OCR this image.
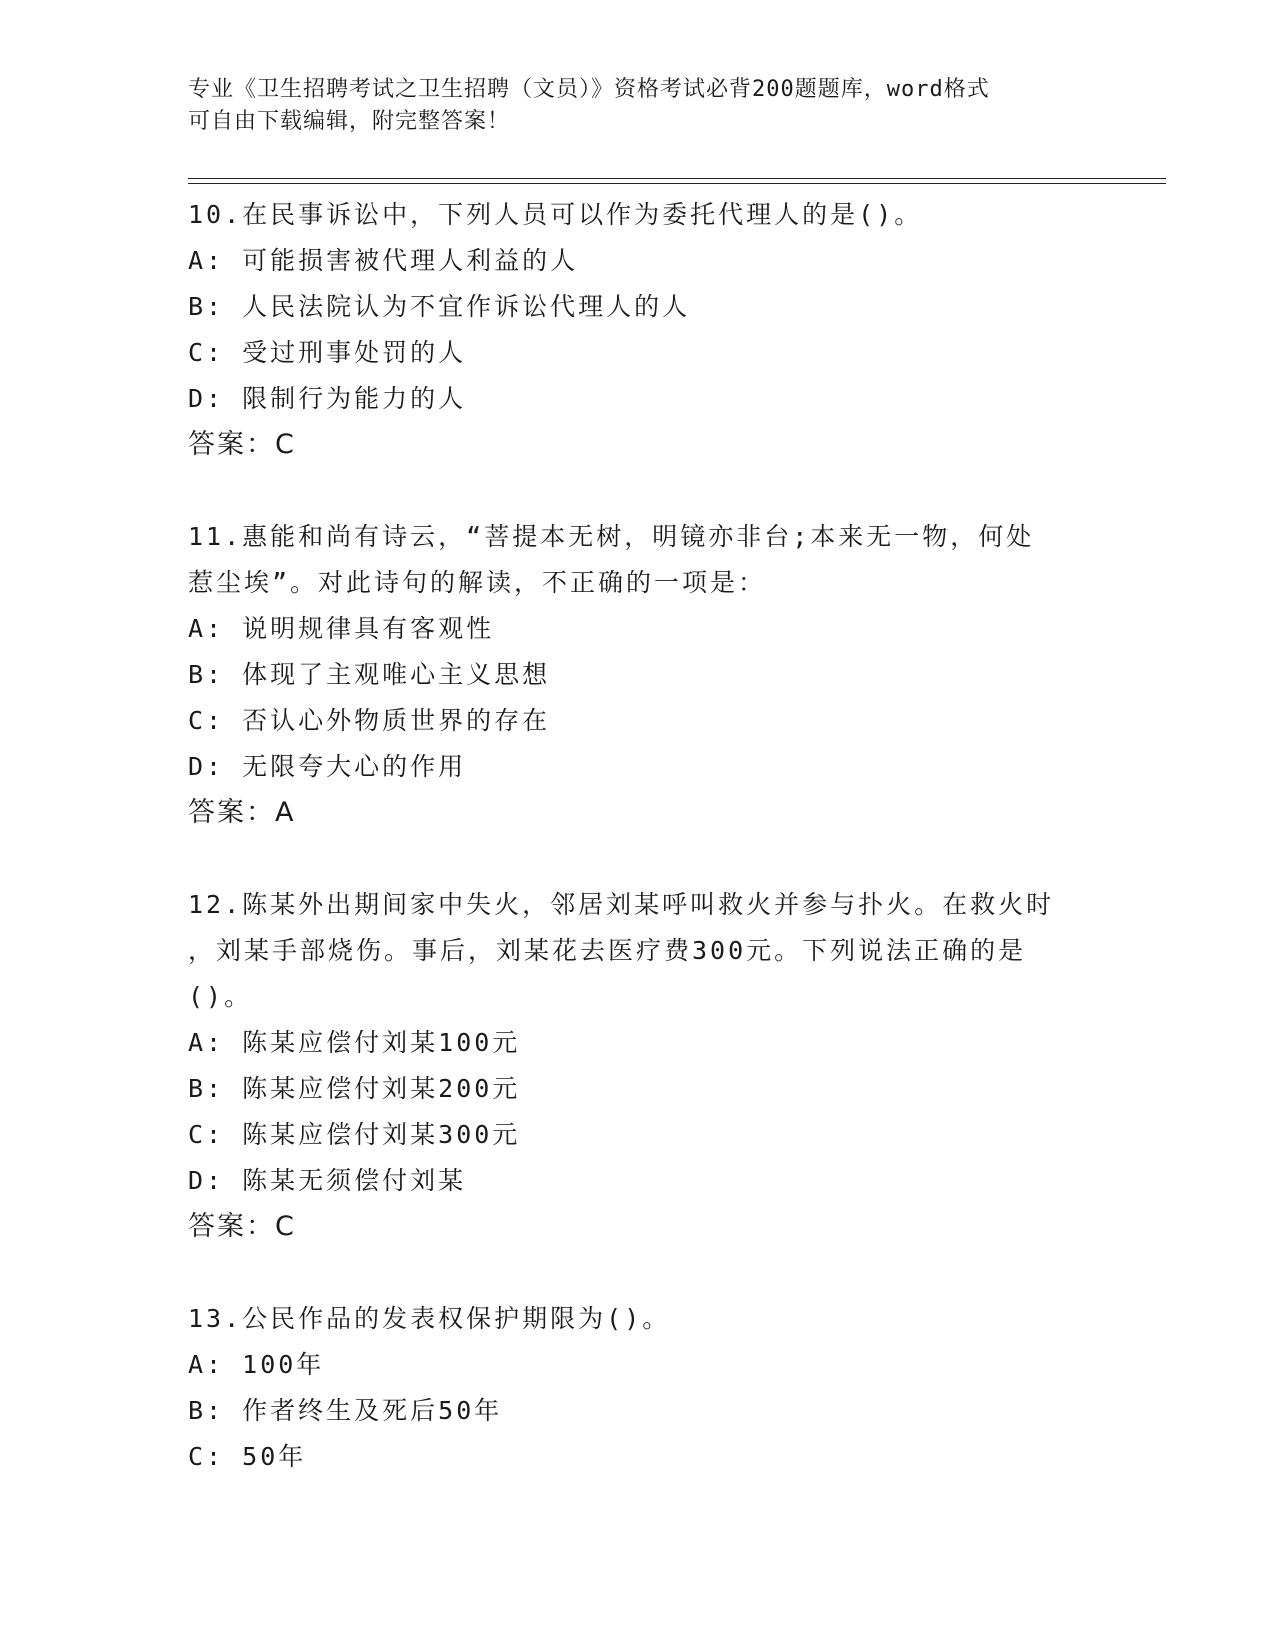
专业《卫生招聘考试之卫生招聘（文员）》资格考试必背200题题库，word格式
可自由下载编辑，附完整答案！
10.在民事诉讼中，下列人员可以作为委托代理人的是()。
A: 可能损害被代理人利益的人
B: 人民法院认为不宜作诉讼代理人的人
C: 受过刑事处罚的人
D: 限制行为能力的人
答案：C
11.惠能和尚有诗云，“菩提本无树，明镜亦非台;本来无一物，何处
惹尘埃”。对此诗句的解读，不正确的一项是：
A: 说明规律具有客观性
B: 体现了主观唯心主义思想
C: 否认心外物质世界的存在
D: 无限夸大心的作用
答案：A
12.陈某外出期间家中失火，邻居刘某呼叫救火并参与扑火。在救火时
，刘某手部烧伤。事后，刘某花去医疗费300元。下列说法正确的是
()。
A: 陈某应偿付刘某100元
B: 陈某应偿付刘某200元
C: 陈某应偿付刘某300元
D: 陈某无须偿付刘某
答案：C
13.公民作品的发表权保护期限为()。
A: 100年
B: 作者终生及死后50年
C: 50年
